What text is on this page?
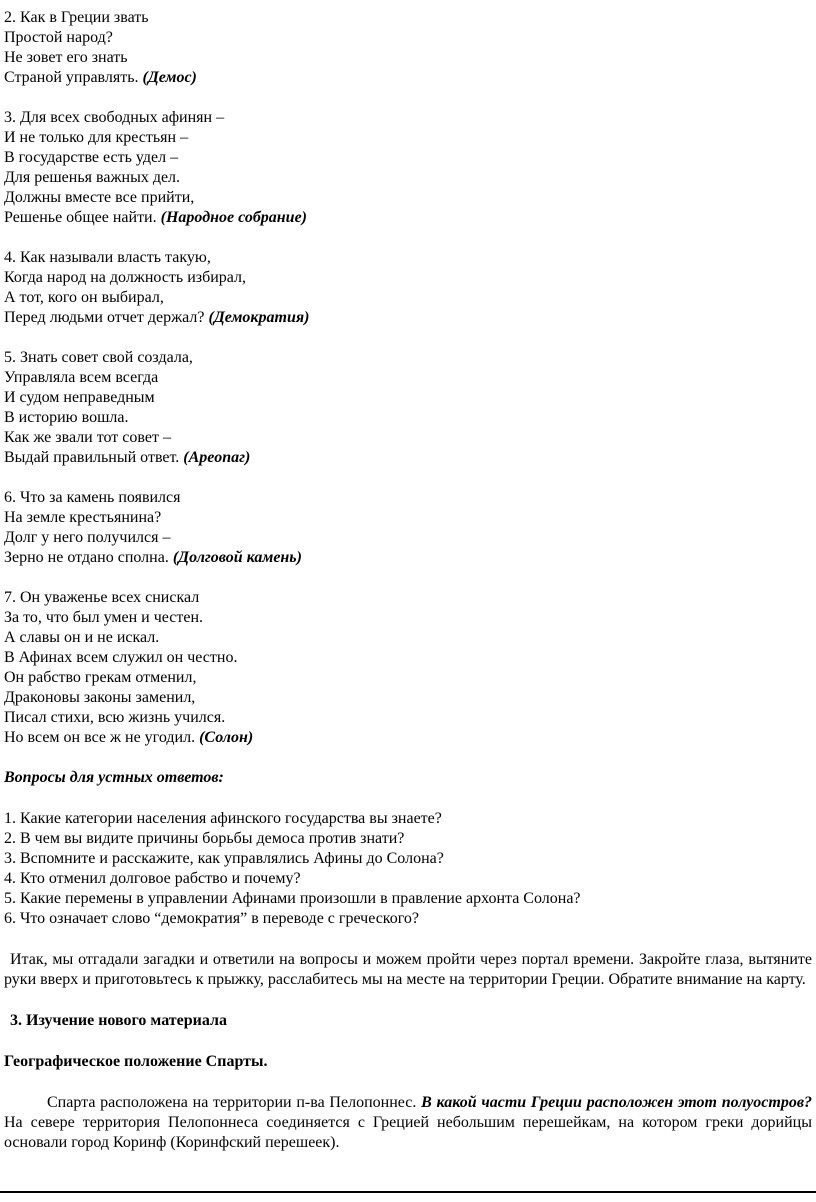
2. Как в Греции звать
Простой народ?
Не зовет его знать
Страной управлять. (Демос)
3. Для всех свободных афинян –
И не только для крестьян –
В государстве есть удел –
Для решенья важных дел.
Должны вместе все прийти,
Решенье общее найти. (Народное собрание)
4. Как называли власть такую,
Когда народ на должность избирал,
А тот, кого он выбирал,
Перед людьми отчет держал? (Демократия)
5. Знать совет свой создала,
Управляла всем всегда
И судом неправедным
В историю вошла.
Как же звали тот совет –
Выдай правильный ответ. (Ареопаг)
6. Что за камень появился
На земле крестьянина?
Долг у него получился –
Зерно не отдано сполна. (Долговой камень)
7. Он уваженье всех снискал
За то, что был умен и честен.
А славы он и не искал.
В Афинах всем служил он честно.
Он рабство грекам отменил,
Драконовы законы заменил,
Писал стихи, всю жизнь учился.
Но всем он все ж не угодил. (Солон)
Вопросы для устных ответов:
1. Какие категории населения афинского государства вы знаете?
2. В чем вы видите причины борьбы демоса против знати?
3. Вспомните и расскажите, как управлялись Афины до Солона?
4. Кто отменил долговое рабство и почему?
5. Какие перемены в управлении Афинами произошли в правление архонта Солона?
6. Что означает слово “демократия” в переводе с греческого?
Итак, мы отгадали загадки и ответили на вопросы и можем пройти через портал времени. Закройте глаза, вытяните руки вверх и приготовьтесь к прыжку, расслабитесь мы на месте на территории Греции. Обратите внимание на карту.
3. Изучение нового материала
Географическое положение Спарты.
Спарта расположена на территории п-ва Пелопоннес. В какой части Греции расположен этот полуостров? На севере территория Пелопоннеса соединяется с Грецией небольшим перешейкам, на котором греки дорийцы основали город Коринф (Коринфский перешеек).
